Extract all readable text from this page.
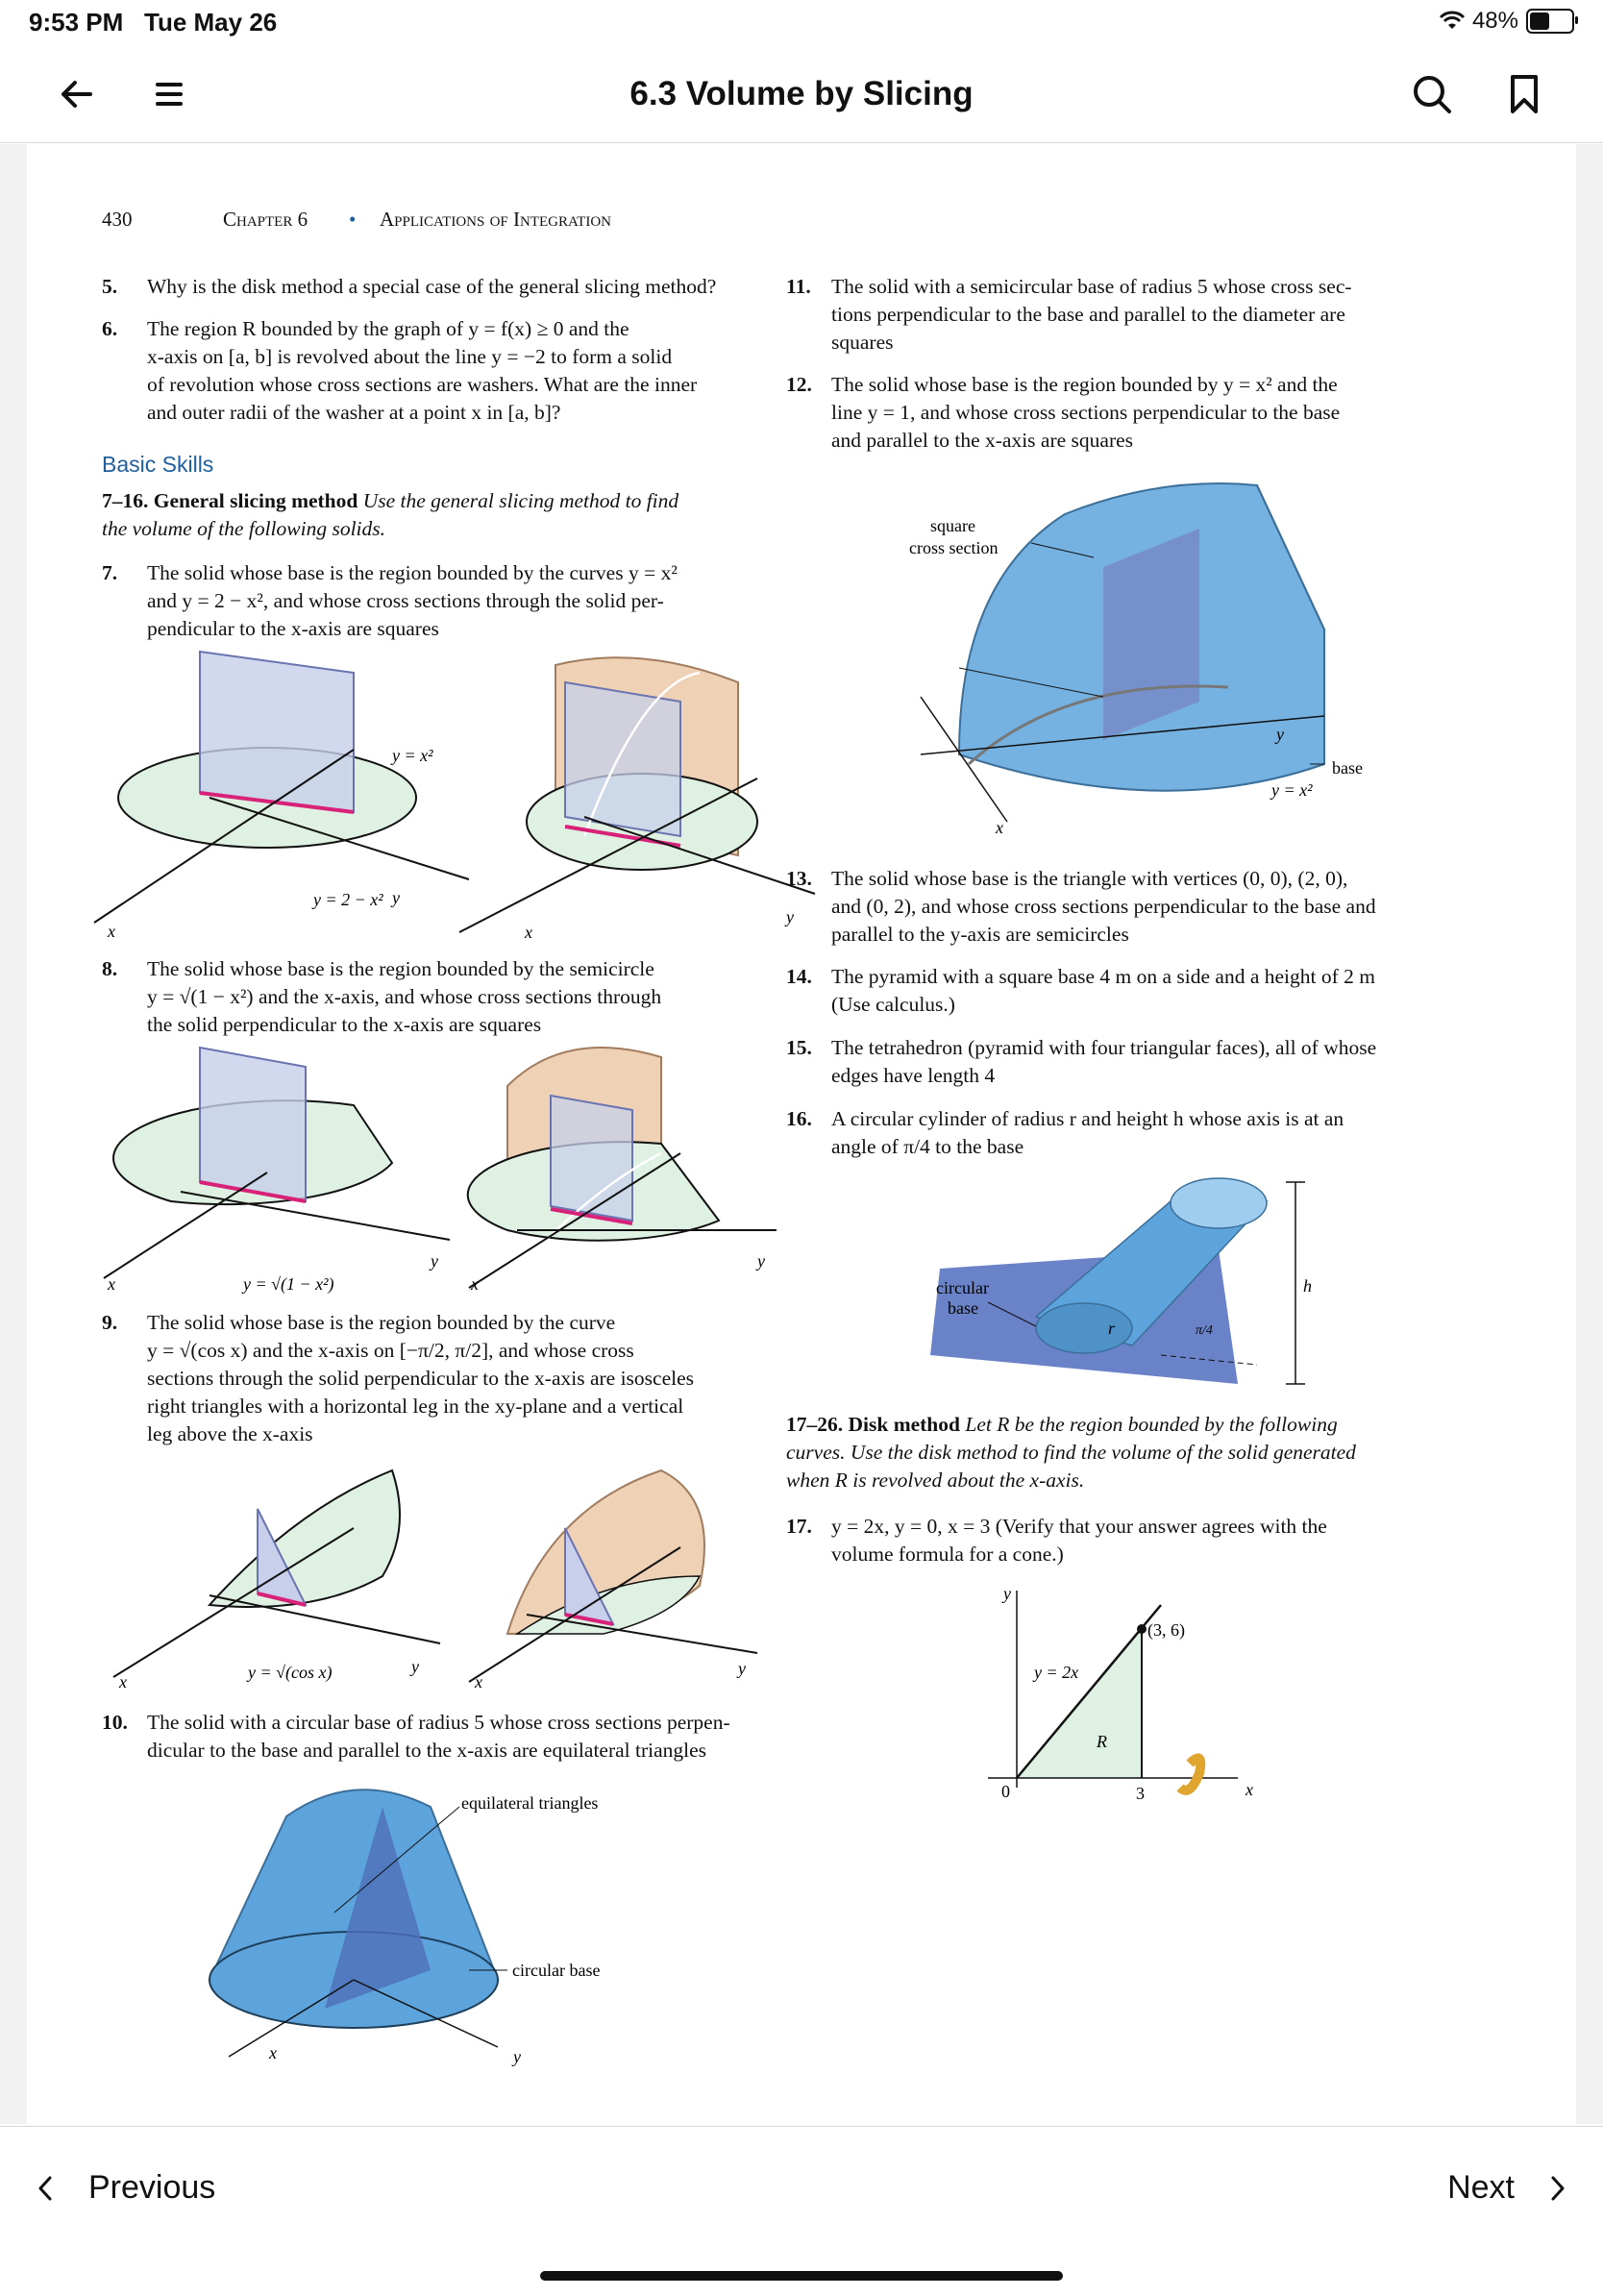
9:53 PM Tue May 26	48%
6.3 Volume by Slicing
430	Chapter 6 • Applications of Integration
5. Why is the disk method a special case of the general slicing method?
6. The region R bounded by the graph of y = f(x) ≥ 0 and the
x-axis on [a, b] is revolved about the line y = −2 to form a solid
of revolution whose cross sections are washers. What are the inner
and outer radii of the washer at a point x in [a, b]?
Basic Skills
7–16. General slicing method Use the general slicing method to find
the volume of the following solids.
7. The solid whose base is the region bounded by the curves y = x²
and y = 2 − x², and whose cross sections through the solid per-
pendicular to the x-axis are squares
y
x
y = x²
y = 2 − x²
x
y
8. The solid whose base is the region bounded by the semicircle
y = √(1 − x²) and the x-axis, and whose cross sections through
the solid perpendicular to the x-axis are squares
x
y
y = √(1 − x²)	x
y
9. The solid whose base is the region bounded by the curve
y = √(cos x) and the x-axis on [−π/2, π/2], and whose cross
sections through the solid perpendicular to the x-axis are isosceles
right triangles with a horizontal leg in the xy-plane and a vertical
leg above the x-axis
x
y
y = √(cos x)	x
y
10. The solid with a circular base of radius 5 whose cross sections perpen-
dicular to the base and parallel to the x-axis are equilateral triangles
equilateral triangles
circular base
x	y
11. The solid with a semicircular base of radius 5 whose cross sec-
tions perpendicular to the base and parallel to the diameter are
squares
12. The solid whose base is the region bounded by y = x² and the
line y = 1, and whose cross sections perpendicular to the base
and parallel to the x-axis are squares
square
cross section
base
y = x²
y
x
13. The solid whose base is the triangle with vertices (0, 0), (2, 0),
and (0, 2), and whose cross sections perpendicular to the base and
parallel to the y-axis are semicircles
14. The pyramid with a square base 4 m on a side and a height of 2 m
(Use calculus.)
15. The tetrahedron (pyramid with four triangular faces), all of whose
edges have length 4
16. A circular cylinder of radius r and height h whose axis is at an
angle of π/4 to the base
circular
base
r
h
π/4
17–26. Disk method Let R be the region bounded by the following
curves. Use the disk method to find the volume of the solid generated
when R is revolved about the x-axis.
17. y = 2x, y = 0, x = 3 (Verify that your answer agrees with the
volume formula for a cone.)
y
x
(3, 6)
y = 2x
R
0	3
Previous	Next
